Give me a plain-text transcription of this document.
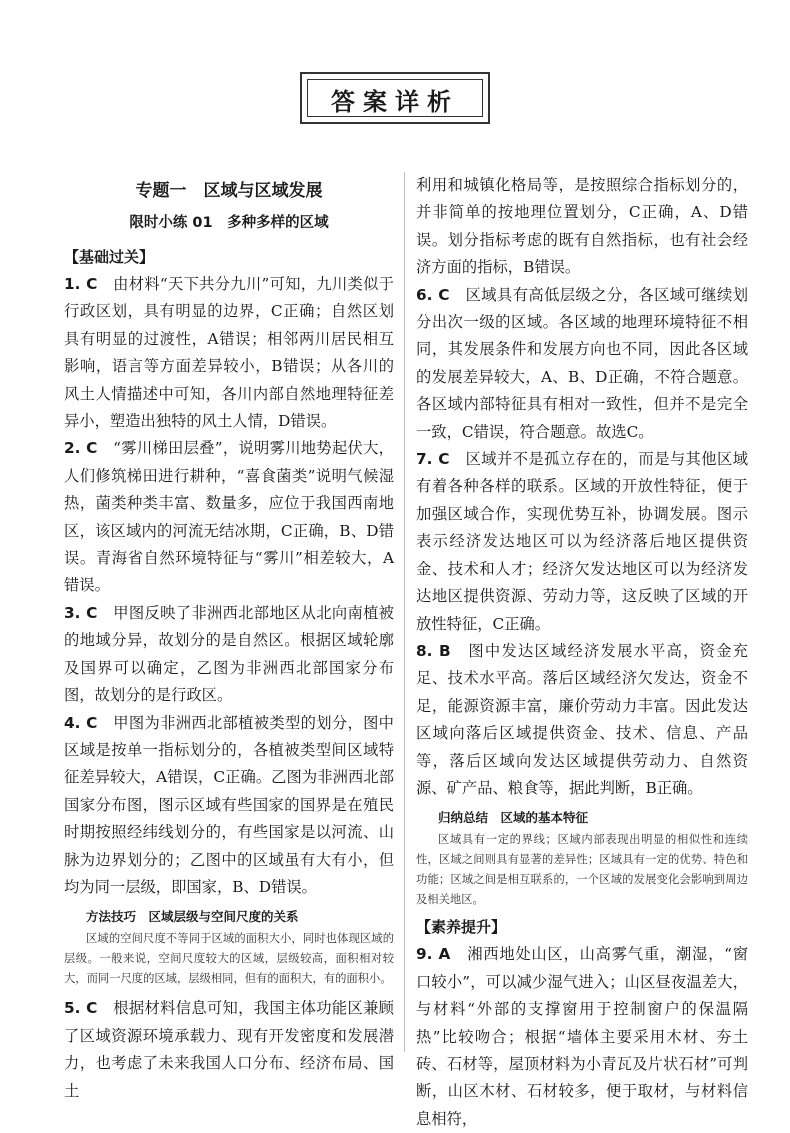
答案详析
专题一　区域与区域发展
限时小练 01　多种多样的区域
【基础过关】

1. C　由材料“天下共分九川”可知，九川类似于行政区划，具有明显的边界，C正确；自然区划具有明显的过渡性，A错误；相邻两川居民相互影响，语言等方面差异较小，B错误；从各川的风土人情描述中可知，各川内部自然地理特征差异小，塑造出独特的风土人情，D错误。

2. C　“雾川梯田层叠”，说明雾川地势起伏大，人们修筑梯田进行耕种，“喜食菌类”说明气候湿热，菌类种类丰富、数量多，应位于我国西南地区，该区域内的河流无结冰期，C正确，B、D错误。青海省自然环境特征与“雾川”相差较大，A错误。

3. C　甲图反映了非洲西北部地区从北向南植被的地域分异，故划分的是自然区。根据区域轮廓及国界可以确定，乙图为非洲西北部国家分布图，故划分的是行政区。

4. C　甲图为非洲西北部植被类型的划分，图中区域是按单一指标划分的，各植被类型间区域特征差异较大，A错误，C正确。乙图为非洲西北部国家分布图，图示区域有些国家的国界是在殖民时期按照经纬线划分的，有些国家是以河流、山脉为边界划分的；乙图中的区域虽有大有小，但均为同一层级，即国家，B、D错误。

方法技巧　区域层级与空间尺度的关系

区域的空间尺度不等同于区域的面积大小，同时也体现区域的层级。一般来说，空间尺度较大的区域，层级较高，面积相对较大，而同一尺度的区域，层级相同，但有的面积大，有的面积小。

5. C　根据材料信息可知，我国主体功能区兼顾了区域资源环境承载力、现有开发密度和发展潜力，也考虑了未来我国人口分布、经济布局、国土

利用和城镇化格局等，是按照综合指标划分的，并非简单的按地理位置划分，C正确，A、D错误。划分指标考虑的既有自然指标，也有社会经济方面的指标，B错误。

6. C　区域具有高低层级之分，各区域可继续划分出次一级的区域。各区域的地理环境特征不相同，其发展条件和发展方向也不同，因此各区域的发展差异较大，A、B、D正确，不符合题意。各区域内部特征具有相对一致性，但并不是完全一致，C错误，符合题意。故选C。

7. C　区域并不是孤立存在的，而是与其他区域有着各种各样的联系。区域的开放性特征，便于加强区域合作，实现优势互补，协调发展。图示表示经济发达地区可以为经济落后地区提供资金、技术和人才；经济欠发达地区可以为经济发达地区提供资源、劳动力等，这反映了区域的开放性特征，C正确。

8. B　图中发达区域经济发展水平高，资金充足、技术水平高。落后区域经济欠发达，资金不足，能源资源丰富，廉价劳动力丰富。因此发达区域向落后区域提供资金、技术、信息、产品等，落后区域向发达区域提供劳动力、自然资源、矿产品、粮食等，据此判断，B正确。

归纳总结　区域的基本特征

区域具有一定的界线；区域内部表现出明显的相似性和连续性，区域之间则具有显著的差异性；区域具有一定的优势、特色和功能；区域之间是相互联系的，一个区域的发展变化会影响到周边及相关地区。

【素养提升】

9. A　湘西地处山区，山高雾气重，潮湿，“窗口较小”，可以减少湿气进入；山区昼夜温差大，与材料“外部的支撑窗用于控制窗户的保温隔热”比较吻合；根据“墙体主要采用木材、夯土砖、石材等，屋顶材料为小青瓦及片状石材”可判断，山区木材、石材较多，便于取材，与材料信息相符，
